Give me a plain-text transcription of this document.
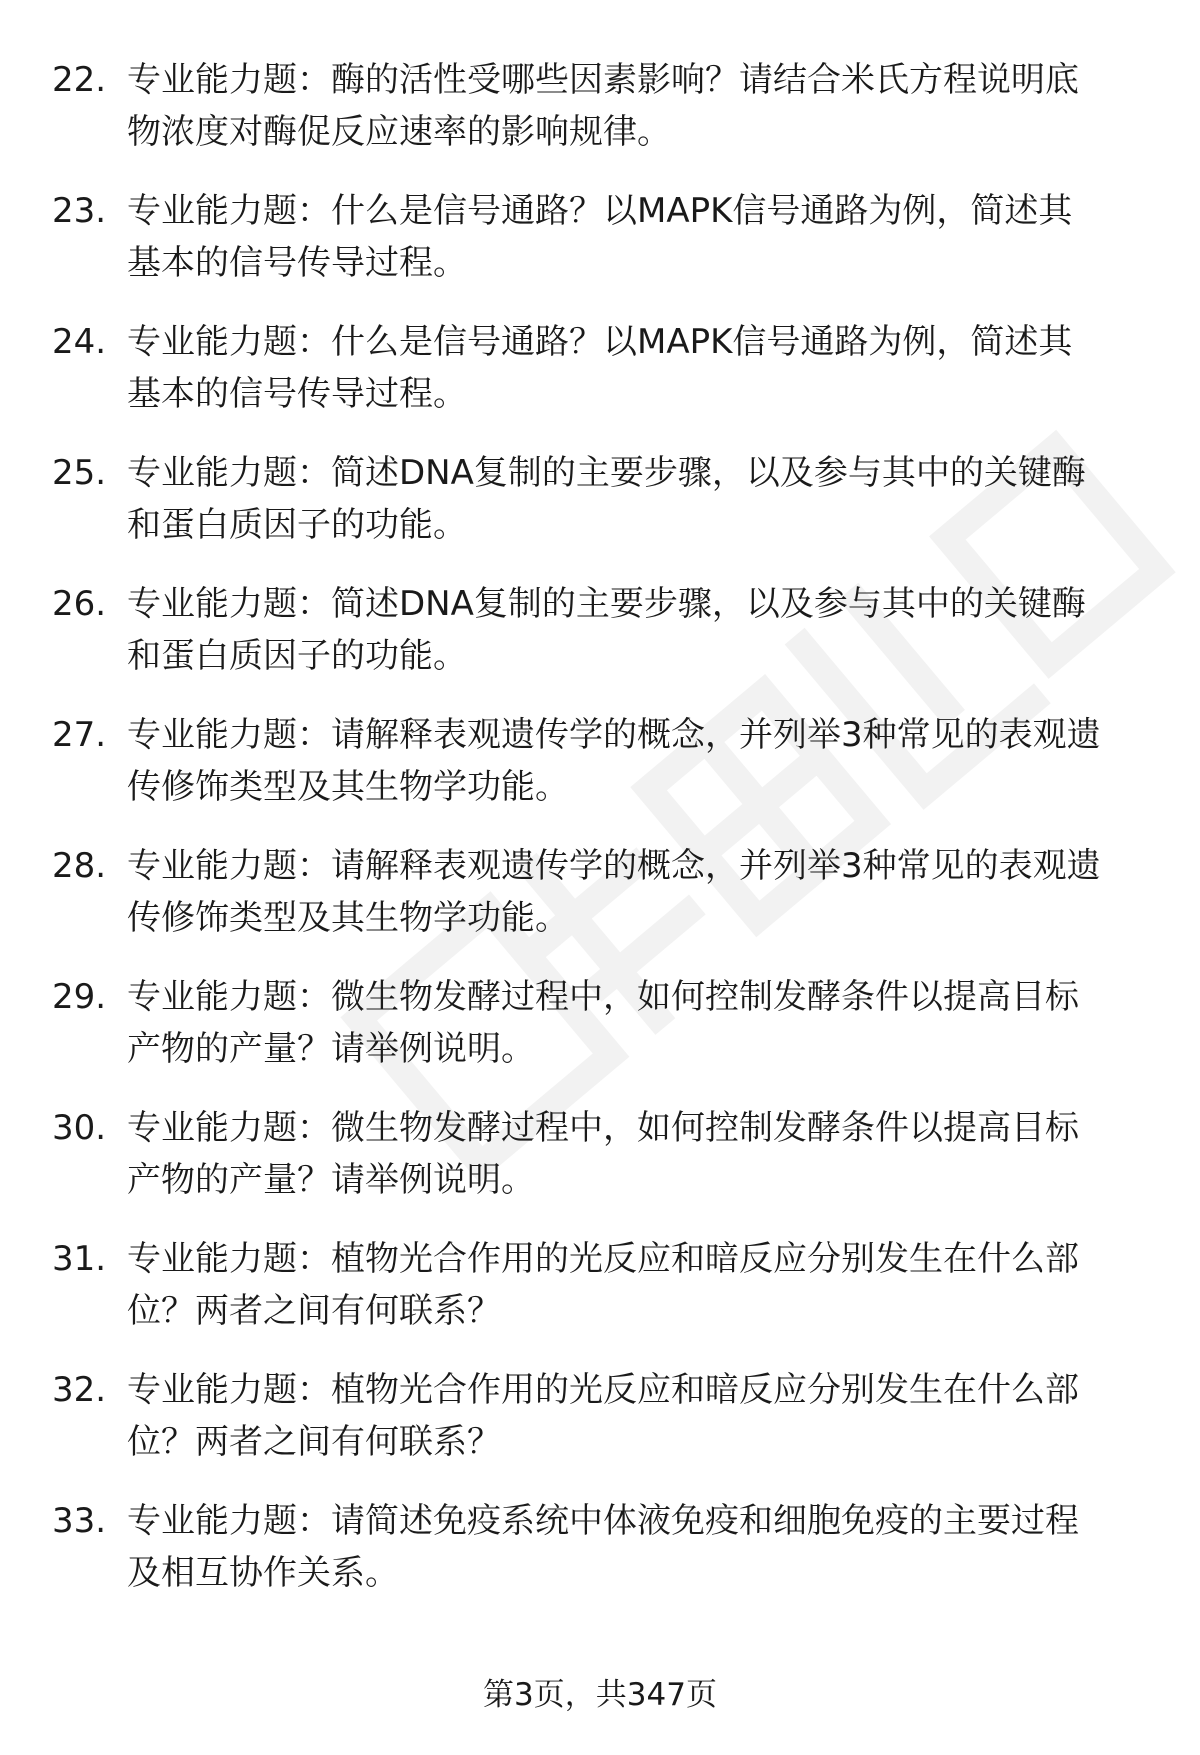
22. 专业能力题：酶的活性受哪些因素影响？请结合米氏方程说明底
物浓度对酶促反应速率的影响规律。
23. 专业能力题：什么是信号通路？以MAPK信号通路为例，简述其
基本的信号传导过程。
24. 专业能力题：什么是信号通路？以MAPK信号通路为例，简述其
基本的信号传导过程。
25. 专业能力题：简述DNA复制的主要步骤，以及参与其中的关键酶
和蛋白质因子的功能。
26. 专业能力题：简述DNA复制的主要步骤，以及参与其中的关键酶
和蛋白质因子的功能。
27. 专业能力题：请解释表观遗传学的概念，并列举3种常见的表观遗
传修饰类型及其生物学功能。
28. 专业能力题：请解释表观遗传学的概念，并列举3种常见的表观遗
传修饰类型及其生物学功能。
29. 专业能力题：微生物发酵过程中，如何控制发酵条件以提高目标
产物的产量？请举例说明。
30. 专业能力题：微生物发酵过程中，如何控制发酵条件以提高目标
产物的产量？请举例说明。
31. 专业能力题：植物光合作用的光反应和暗反应分别发生在什么部
位？两者之间有何联系？
32. 专业能力题：植物光合作用的光反应和暗反应分别发生在什么部
位？两者之间有何联系？
33. 专业能力题：请简述免疫系统中体液免疫和细胞免疫的主要过程
及相互协作关系。
第3页，共347页
